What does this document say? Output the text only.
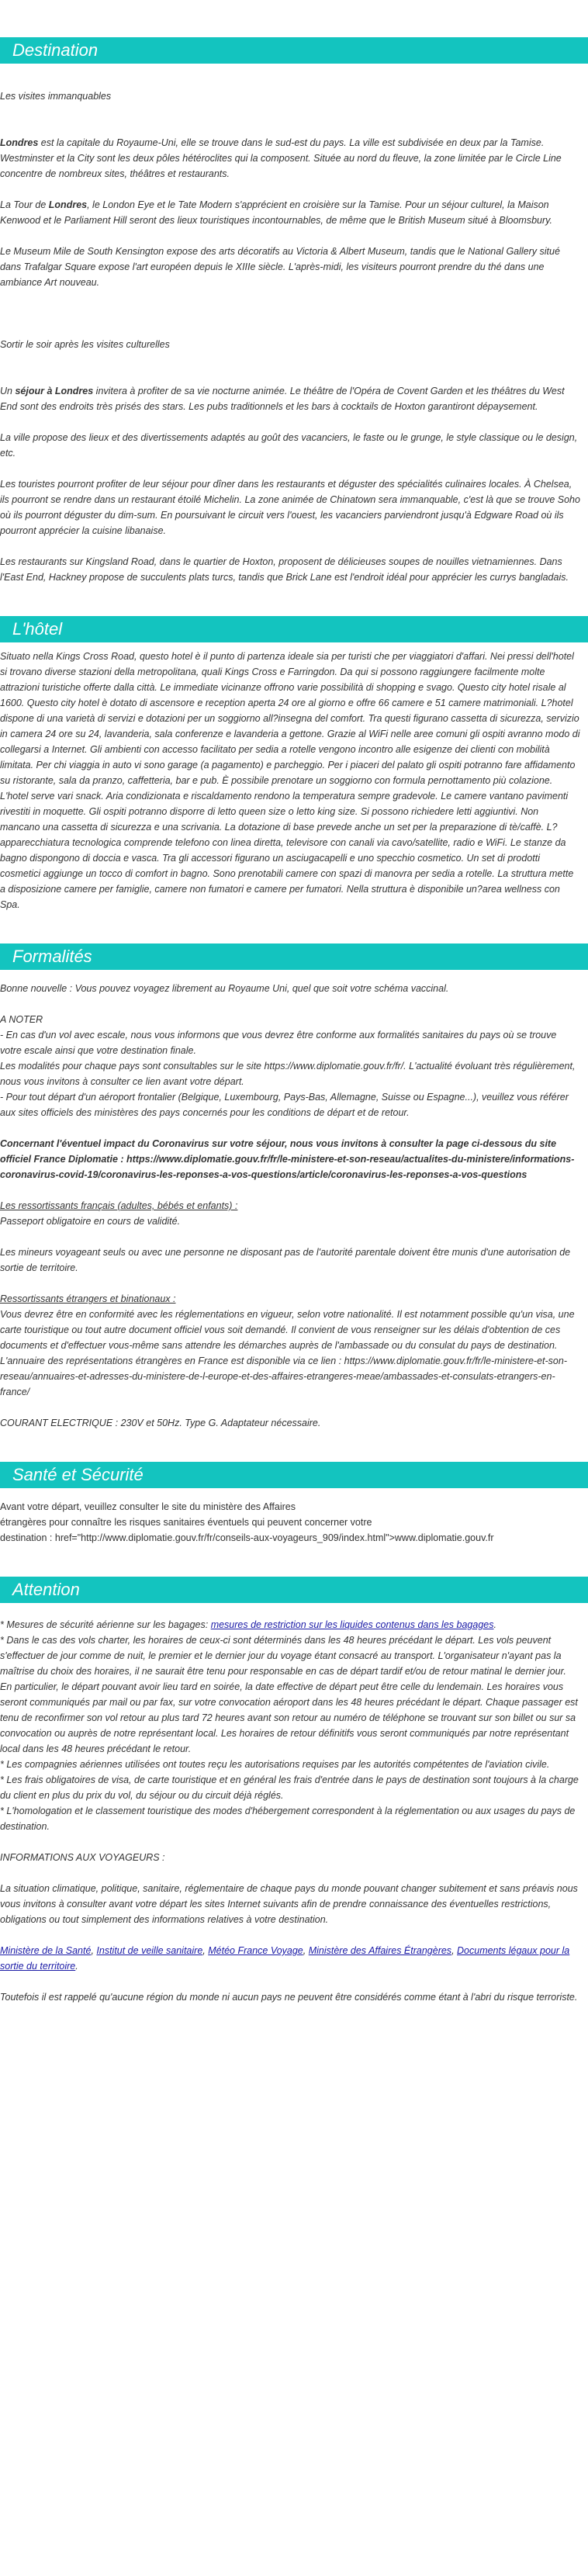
Destination

Les visites immanquables

Londres est la capitale du Royaume-Uni, elle se trouve dans le sud-est du pays. La ville est subdivisée en deux par la Tamise. Westminster et la City sont les deux pôles hétéroclites qui la composent. Située au nord du fleuve, la zone limitée par le Circle Line concentre de nombreux sites, théâtres et restaurants.

La Tour de Londres, le London Eye et le Tate Modern s'apprécient en croisière sur la Tamise. Pour un séjour culturel, la Maison Kenwood et le Parliament Hill seront des lieux touristiques incontournables, de même que le British Museum situé à Bloomsbury.

Le Museum Mile de South Kensington expose des arts décoratifs au Victoria & Albert Museum, tandis que le National Gallery situé dans Trafalgar Square expose l'art européen depuis le XIIIe siècle. L'après-midi, les visiteurs pourront prendre du thé dans une ambiance Art nouveau.

Sortir le soir après les visites culturelles

Un séjour à Londres invitera à profiter de sa vie nocturne animée. Le théâtre de l'Opéra de Covent Garden et les théâtres du West End sont des endroits très prisés des stars. Les pubs traditionnels et les bars à cocktails de Hoxton garantiront dépaysement.

La ville propose des lieux et des divertissements adaptés au goût des vacanciers, le faste ou le grunge, le style classique ou le design, etc.

Les touristes pourront profiter de leur séjour pour dîner dans les restaurants et déguster des spécialités culinaires locales. À Chelsea, ils pourront se rendre dans un restaurant étoilé Michelin. La zone animée de Chinatown sera immanquable, c'est là que se trouve Soho où ils pourront déguster du dim-sum. En poursuivant le circuit vers l'ouest, les vacanciers parviendront jusqu'à Edgware Road où ils pourront apprécier la cuisine libanaise.

Les restaurants sur Kingsland Road, dans le quartier de Hoxton, proposent de délicieuses soupes de nouilles vietnamiennes. Dans l'East End, Hackney propose de succulents plats turcs, tandis que Brick Lane est l'endroit idéal pour apprécier les currys bangladais.

L'hôtel

Situato nella Kings Cross Road, questo hotel è il punto di partenza ideale sia per turisti che per viaggiatori d'affari. Nei pressi dell'hotel si trovano diverse stazioni della metropolitana, quali Kings Cross e Farringdon. Da qui si possono raggiungere facilmente molte attrazioni turistiche offerte dalla città. Le immediate vicinanze offrono varie possibilità di shopping e svago. Questo city hotel risale al 1600. Questo city hotel è dotato di ascensore e reception aperta 24 ore al giorno e offre 66 camere e 51 camere matrimoniali. L?hotel dispone di una varietà di servizi e dotazioni per un soggiorno all?insegna del comfort. Tra questi figurano cassetta di sicurezza, servizio in camera 24 ore su 24, lavanderia, sala conferenze e lavanderia a gettone. Grazie al WiFi nelle aree comuni gli ospiti avranno modo di collegarsi a Internet. Gli ambienti con accesso facilitato per sedia a rotelle vengono incontro alle esigenze dei clienti con mobilità limitata. Per chi viaggia in auto vi sono garage (a pagamento) e parcheggio. Per i piaceri del palato gli ospiti potranno fare affidamento su ristorante, sala da pranzo, caffetteria, bar e pub. È possibile prenotare un soggiorno con formula pernottamento più colazione. L'hotel serve vari snack. Aria condizionata e riscaldamento rendono la temperatura sempre gradevole. Le camere vantano pavimenti rivestiti in moquette. Gli ospiti potranno disporre di letto queen size o letto king size. Si possono richiedere letti aggiuntivi. Non mancano una cassetta di sicurezza e una scrivania. La dotazione di base prevede anche un set per la preparazione di tè/caffè. L?apparecchiatura tecnologica comprende telefono con linea diretta, televisore con canali via cavo/satellite, radio e WiFi. Le stanze da bagno dispongono di doccia e vasca. Tra gli accessori figurano un asciugacapelli e uno specchio cosmetico. Un set di prodotti cosmetici aggiunge un tocco di comfort in bagno. Sono prenotabili camere con spazi di manovra per sedia a rotelle. La struttura mette a disposizione camere per famiglie, camere non fumatori e camere per fumatori. Nella struttura è disponibile un?area wellness con Spa.

Formalités

Bonne nouvelle : Vous pouvez voyagez librement au Royaume Uni, quel que soit votre schéma vaccinal.

A NOTER

- En cas d'un vol avec escale, nous vous informons que vous devrez être conforme aux formalités sanitaires du pays où se trouve votre escale ainsi que votre destination finale.

Les modalités pour chaque pays sont consultables sur le site https://www.diplomatie.gouv.fr/fr/. L'actualité évoluant très régulièrement, nous vous invitons à consulter ce lien avant votre départ.

- Pour tout départ d'un aéroport frontalier (Belgique, Luxembourg, Pays-Bas, Allemagne, Suisse ou Espagne...), veuillez vous référer aux sites officiels des ministères des pays concernés pour les conditions de départ et de retour.

Concernant l'éventuel impact du Coronavirus sur votre séjour, nous vous invitons à consulter la page ci-dessous du site officiel France Diplomatie : https://www.diplomatie.gouv.fr/fr/le-ministere-et-son-reseau/actualites-du-ministere/informations-coronavirus-covid-19/coronavirus-les-reponses-a-vos-questions/article/coronavirus-les-reponses-a-vos-questions

Les ressortissants français (adultes, bébés et enfants) :

Passeport obligatoire en cours de validité.

Les mineurs voyageant seuls ou avec une personne ne disposant pas de l'autorité parentale doivent être munis d'une autorisation de sortie de territoire.

Ressortissants étrangers et binationaux :

Vous devrez être en conformité avec les réglementations en vigueur, selon votre nationalité. Il est notamment possible qu'un visa, une carte touristique ou tout autre document officiel vous soit demandé. Il convient de vous renseigner sur les délais d'obtention de ces documents et d'effectuer vous-même sans attendre les démarches auprès de l'ambassade ou du consulat du pays de destination.

L'annuaire des représentations étrangères en France est disponible via ce lien : https://www.diplomatie.gouv.fr/fr/le-ministere-et-son-reseau/annuaires-et-adresses-du-ministere-de-l-europe-et-des-affaires-etrangeres-meae/ambassades-et-consulats-etrangers-en-france/

COURANT ELECTRIQUE : 230V et 50Hz. Type G. Adaptateur nécessaire.

Santé et Sécurité

Avant votre départ, veuillez consulter le site du ministère des Affaires

étrangères pour connaître les risques sanitaires éventuels qui peuvent concerner votre

destination : href="http://www.diplomatie.gouv.fr/fr/conseils-aux-voyageurs_909/index.html">www.diplomatie.gouv.fr

Attention

* Mesures de sécurité aérienne sur les bagages: mesures de restriction sur les liquides contenus dans les bagages.

* Dans le cas des vols charter, les horaires de ceux-ci sont déterminés dans les 48 heures précédant le départ. Les vols peuvent s'effectuer de jour comme de nuit, le premier et le dernier jour du voyage étant consacré au transport. L'organisateur n'ayant pas la maîtrise du choix des horaires, il ne saurait être tenu pour responsable en cas de départ tardif et/ou de retour matinal le dernier jour. En particulier, le départ pouvant avoir lieu tard en soirée, la date effective de départ peut être celle du lendemain. Les horaires vous seront communiqués par mail ou par fax, sur votre convocation aéroport dans les 48 heures précédant le départ. Chaque passager est tenu de reconfirmer son vol retour au plus tard 72 heures avant son retour au numéro de téléphone se trouvant sur son billet ou sur sa convocation ou auprès de notre représentant local. Les horaires de retour définitifs vous seront communiqués par notre représentant local dans les 48 heures précédant le retour.

* Les compagnies aériennes utilisées ont toutes reçu les autorisations requises par les autorités compétentes de l'aviation civile.

* Les frais obligatoires de visa, de carte touristique et en général les frais d'entrée dans le pays de destination sont toujours à la charge du client en plus du prix du vol, du séjour ou du circuit déjà réglés.

* L'homologation et le classement touristique des modes d'hébergement correspondent à la réglementation ou aux usages du pays de destination.

INFORMATIONS AUX VOYAGEURS :

La situation climatique, politique, sanitaire, réglementaire de chaque pays du monde pouvant changer subitement et sans préavis nous vous invitons à consulter avant votre départ les sites Internet suivants afin de prendre connaissance des éventuelles restrictions, obligations ou tout simplement des informations relatives à votre destination.

Ministère de la Santé, Institut de veille sanitaire, Météo France Voyage, Ministère des Affaires Étrangères, Documents légaux pour la sortie du territoire.

Toutefois il est rappelé qu'aucune région du monde ni aucun pays ne peuvent être considérés comme étant à l'abri du risque terroriste.
